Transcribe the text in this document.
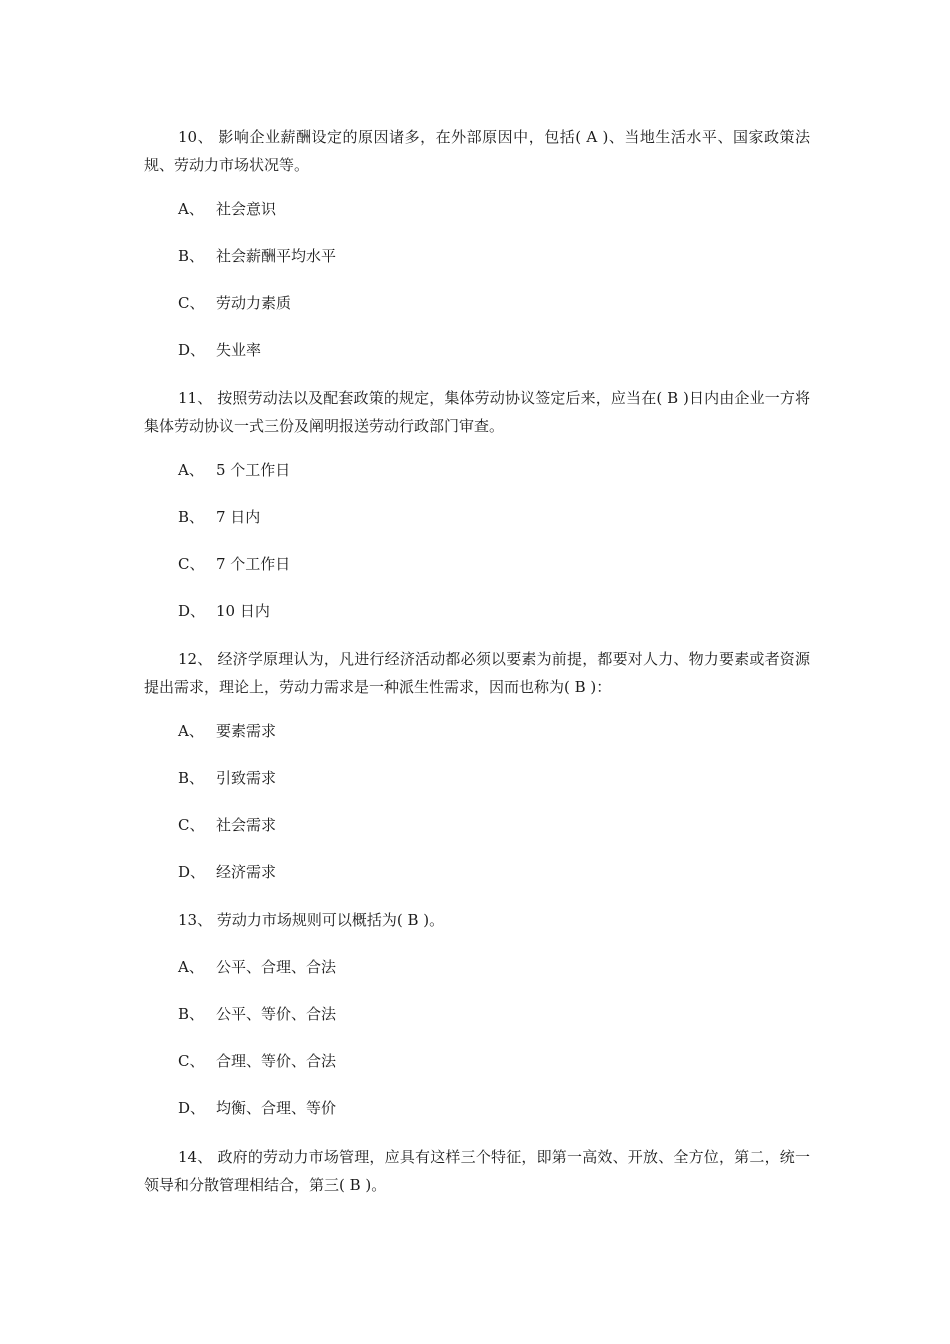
10、 影响企业薪酬设定的原因诸多，在外部原因中，包括( A )、当地生活水平、国家政策法规、劳动力市场状况等。
A、 社会意识
B、 社会薪酬平均水平
C、 劳动力素质
D、 失业率
11、 按照劳动法以及配套政策的规定，集体劳动协议签定后来，应当在( B )日内由企业一方将集体劳动协议一式三份及阐明报送劳动行政部门审查。
A、 5 个工作日
B、 7 日内
C、 7 个工作日
D、 10 日内
12、 经济学原理认为，凡进行经济活动都必须以要素为前提，都要对人力、物力要素或者资源提出需求，理论上，劳动力需求是一种派生性需求，因而也称为( B )：
A、 要素需求
B、 引致需求
C、 社会需求
D、 经济需求
13、 劳动力市场规则可以概括为( B )。
A、 公平、合理、合法
B、 公平、等价、合法
C、 合理、等价、合法
D、 均衡、合理、等价
14、 政府的劳动力市场管理，应具有这样三个特征，即第一高效、开放、全方位，第二，统一领导和分散管理相结合，第三( B )。
